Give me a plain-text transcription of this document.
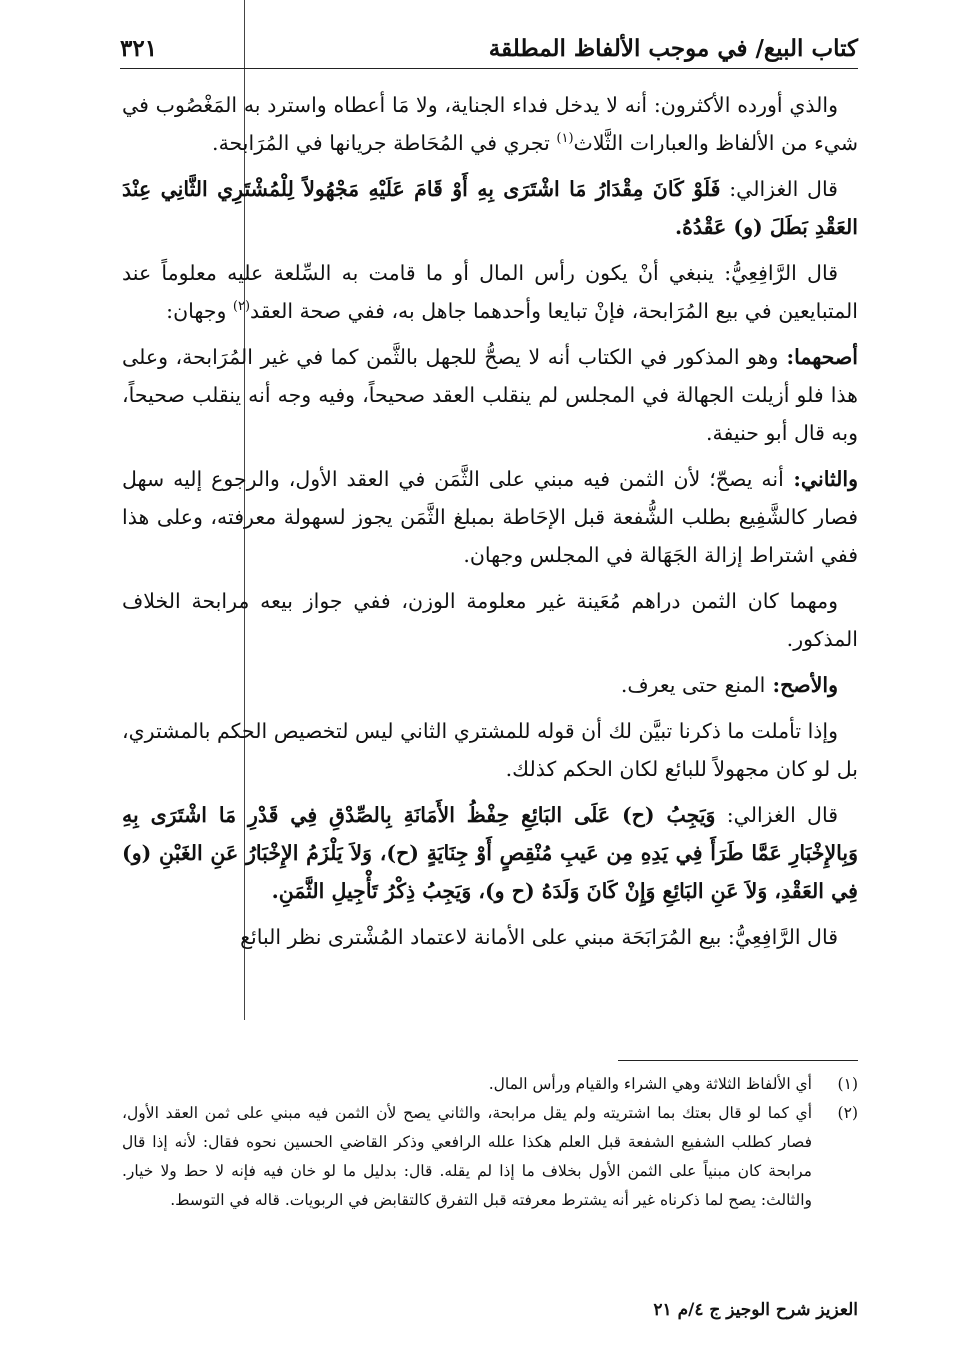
كتاب البيع/ في موجب الألفاظ المطلقة
٣٢١

والذي أورده الأكثرون: أنه لا يدخل فداء الجناية، ولا مَا أعطاه واسترد به المَغْصُوب في شيء من الألفاظ والعبارات الثَّلاث$^{(١)}$ تجري في المُحَاطة جريانها في المُرَابحة.

قال الغزالي: فَلَوْ كَانَ مِقْدَارُ مَا اشْتَرَى بِهِ أَوْ قَامَ عَلَيْهِ مَجْهُولاً لِلْمُشْتَرِي الثَّانِي عِنْدَ العَقْدِ بَطَلَ (و) عَقْدُهُ.

قال الرَّافِعِيُّ: ينبغي أنْ يكون رأس المال أو ما قامت به السِّلعة عليه معلوماً عند المتبايعين في بيع المُرَابحة، فإنْ تبايعا وأحدهما جاهل به، ففي صحة العقد$^{(٢)}$ وجهان:

أصحهما: وهو المذكور في الكتاب أنه لا يصحُّ للجهل بالثَّمن كما في غير المُرَابحة، وعلى هذا فلو أزيلت الجهالة في المجلس لم ينقلب العقد صحيحاً، وفيه وجه أنه ينقلب صحيحاً، وبه قال أبو حنيفة.

والثاني: أنه يصحّ؛ لأن الثمن فيه مبني على الثَّمَن في العقد الأول، والرجوع إليه سهل فصار كالشَّفِيع بطلب الشُّفعة قبل الإحَاطة بمبلغ الثَّمَن يجوز لسهولة معرفته، وعلى هذا ففي اشتراط إزالة الجَهَالة في المجلس وجهان.

ومهما كان الثمن دراهم مُعَينة غير معلومة الوزن، ففي جواز بيعه مرابحة الخلاف المذكور.

والأصح: المنع حتى يعرف.

وإذا تأملت ما ذكرنا تبيَّن لك أن قوله للمشتري الثاني ليس لتخصيص الحكم بالمشتري، بل لو كان مجهولاً للبائع لكان الحكم كذلك.

قال الغزالي: وَيَجِبُ (ح) عَلَى البَائِعِ حِفْظُ الأَمَانَةِ بِالصِّدْقِ فِي قَدْرِ مَا اشْتَرَى بِهِ وَبِالإِخْبَارِ عَمَّا طَرَأَ فِي يَدِهِ مِن عَيبِ مُنْقِصٍ أَوْ جِنَايَةٍ (ح)، وَلاَ يَلْزَمُ الإِخْبَارُ عَنِ الغَبْنِ (و) فِي العَقْدِ، وَلاَ عَنِ البَائِعِ وَإِنْ كَانَ وَلَدَهُ (ح و)، وَيَجِبُ ذِكْرُ تَأْجِيلِ الثَّمَنِ.

قال الرَّافِعِيُّ: بيع المُرَابَحَة مبني على الأمانة لاعتماد المُشْترى نظر البائع

(١)
أي الألفاظ الثلاثة وهي الشراء والقيام ورأس المال.
(٢)
أي كما لو قال بعتك بما اشتريته ولم يقل مرابحة، والثاني يصح لأن الثمن فيه مبني على ثمن العقد الأول، فصار كطلب الشفيع الشفعة قبل العلم هكذا علله الرافعي وذكر القاضي الحسين نحوه فقال: لأنه إذا قال مرابحة كان مبنياً على الثمن الأول بخلاف ما إذا لم يقله. قال: بدليل ما لو خان فيه فإنه لا حط ولا خيار. والثالث: يصح لما ذكرناه غير أنه يشترط معرفته قبل التفرق كالتقابض في الربويات. قاله في التوسط.
العزيز شرح الوجيز ج ٤/م ٢١
